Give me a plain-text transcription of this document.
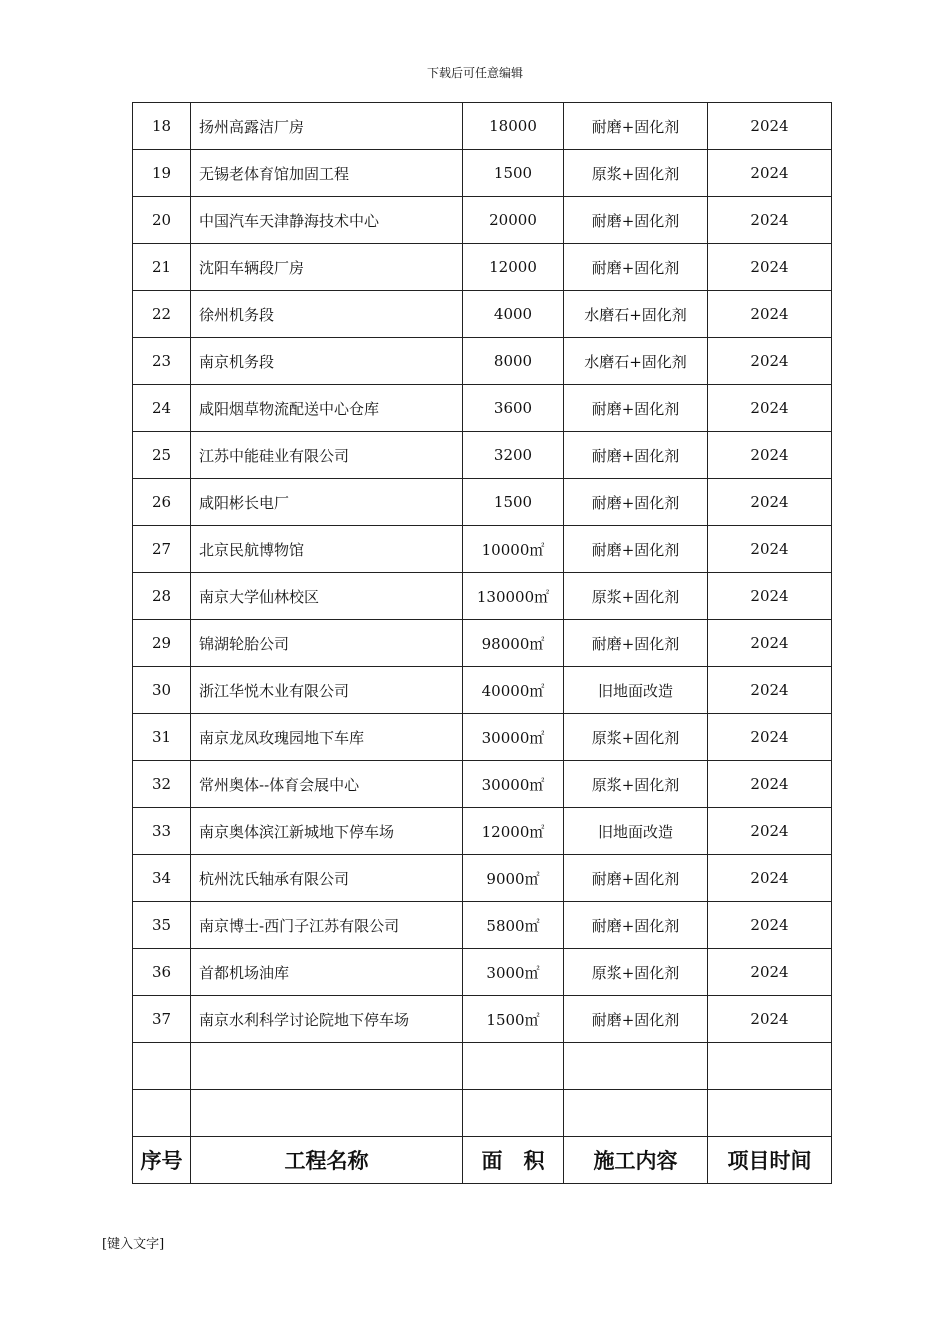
下载后可任意编辑
18	扬州高露洁厂房	18000	耐磨+固化剂	2024
19	无锡老体育馆加固工程	1500	原浆+固化剂	2024
20	中国汽车天津静海技术中心	20000	耐磨+固化剂	2024
21	沈阳车辆段厂房	12000	耐磨+固化剂	2024
22	徐州机务段	4000	水磨石+固化剂	2024
23	南京机务段	8000	水磨石+固化剂	2024
24	咸阳烟草物流配送中心仓库	3600	耐磨+固化剂	2024
25	江苏中能硅业有限公司	3200	耐磨+固化剂	2024
26	咸阳彬长电厂	1500	耐磨+固化剂	2024
27	北京民航博物馆	10000㎡	耐磨+固化剂	2024
28	南京大学仙林校区	130000㎡	原浆+固化剂	2024
29	锦湖轮胎公司	98000㎡	耐磨+固化剂	2024
30	浙江华悦木业有限公司	40000㎡	旧地面改造	2024
31	南京龙凤玫瑰园地下车库	30000㎡	原浆+固化剂	2024
32	常州奥体--体育会展中心	30000㎡	原浆+固化剂	2024
33	南京奥体滨江新城地下停车场	12000㎡	旧地面改造	2024
34	杭州沈氏轴承有限公司	9000㎡	耐磨+固化剂	2024
35	南京博士-西门子江苏有限公司	5800㎡	耐磨+固化剂	2024
36	首都机场油库	3000㎡	原浆+固化剂	2024
37	南京水利科学讨论院地下停车场	1500㎡	耐磨+固化剂	2024

序号	工程名称	面　积	施工内容	项目时间
[键入文字]
